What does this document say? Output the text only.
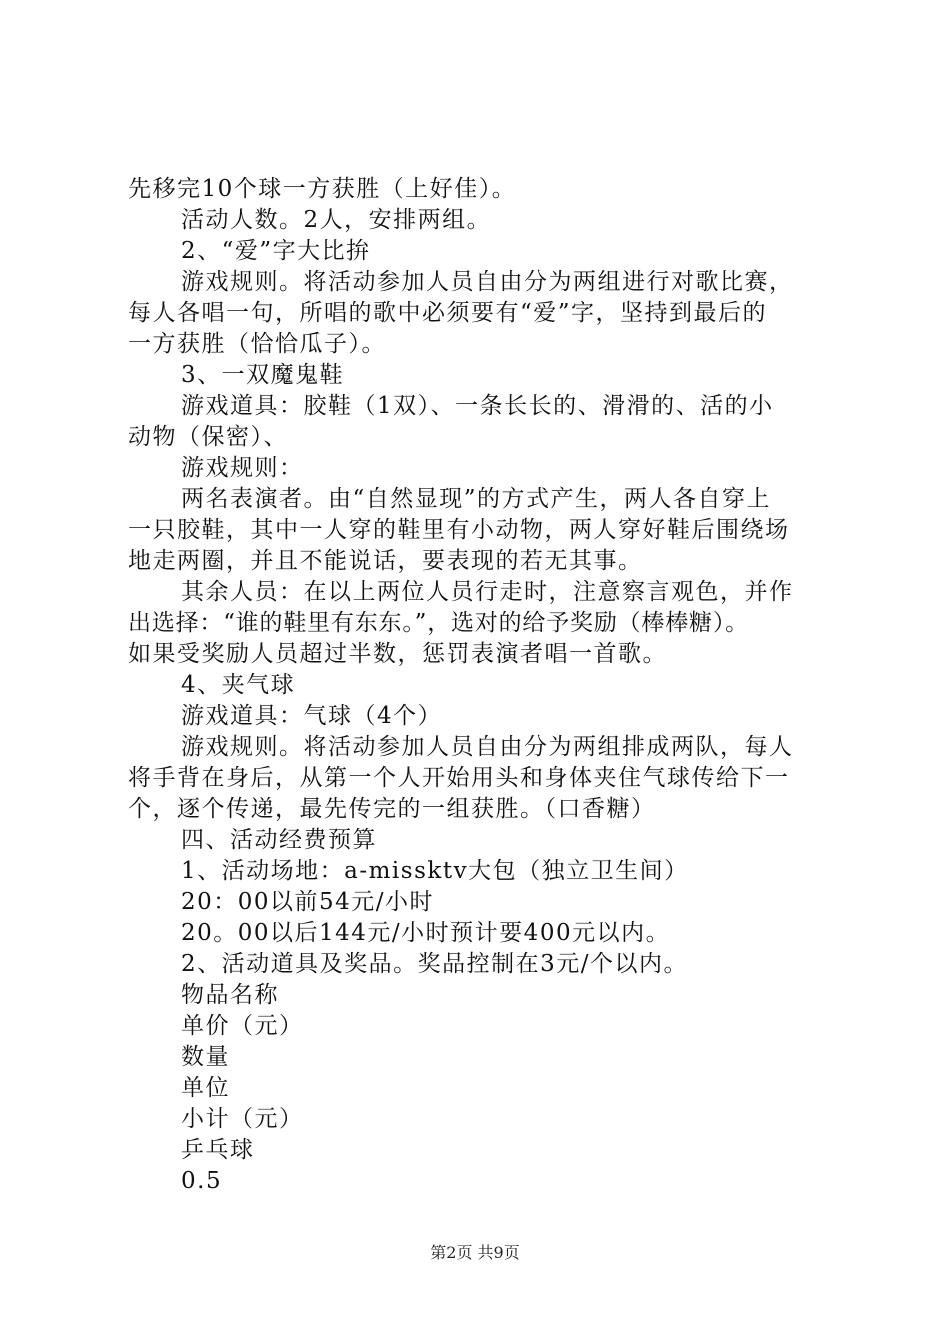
先移完10个球一方获胜（上好佳）。
活动人数。2人，安排两组。
2、“爱”字大比拚
游戏规则。将活动参加人员自由分为两组进行对歌比赛，
每人各唱一句，所唱的歌中必须要有“爱”字，坚持到最后的
一方获胜（恰恰瓜子）。
3、一双魔鬼鞋
游戏道具：胶鞋（1双）、一条长长的、滑滑的、活的小
动物（保密）、
游戏规则：
两名表演者。由“自然显现”的方式产生，两人各自穿上
一只胶鞋，其中一人穿的鞋里有小动物，两人穿好鞋后围绕场
地走两圈，并且不能说话，要表现的若无其事。
其余人员：在以上两位人员行走时，注意察言观色，并作
出选择：“谁的鞋里有东东。”，选对的给予奖励（棒棒糖）。
如果受奖励人员超过半数，惩罚表演者唱一首歌。
4、夹气球
游戏道具：气球（4个）
游戏规则。将活动参加人员自由分为两组排成两队，每人
将手背在身后，从第一个人开始用头和身体夹住气球传给下一
个，逐个传递，最先传完的一组获胜。（口香糖）
四、活动经费预算
1、活动场地：a-missktv大包（独立卫生间）
20：00以前54元/小时
20。00以后144元/小时预计要400元以内。
2、活动道具及奖品。奖品控制在3元/个以内。
物品名称
单价（元）
数量
单位
小计（元）
乒乓球
0.5
第2页 共9页
